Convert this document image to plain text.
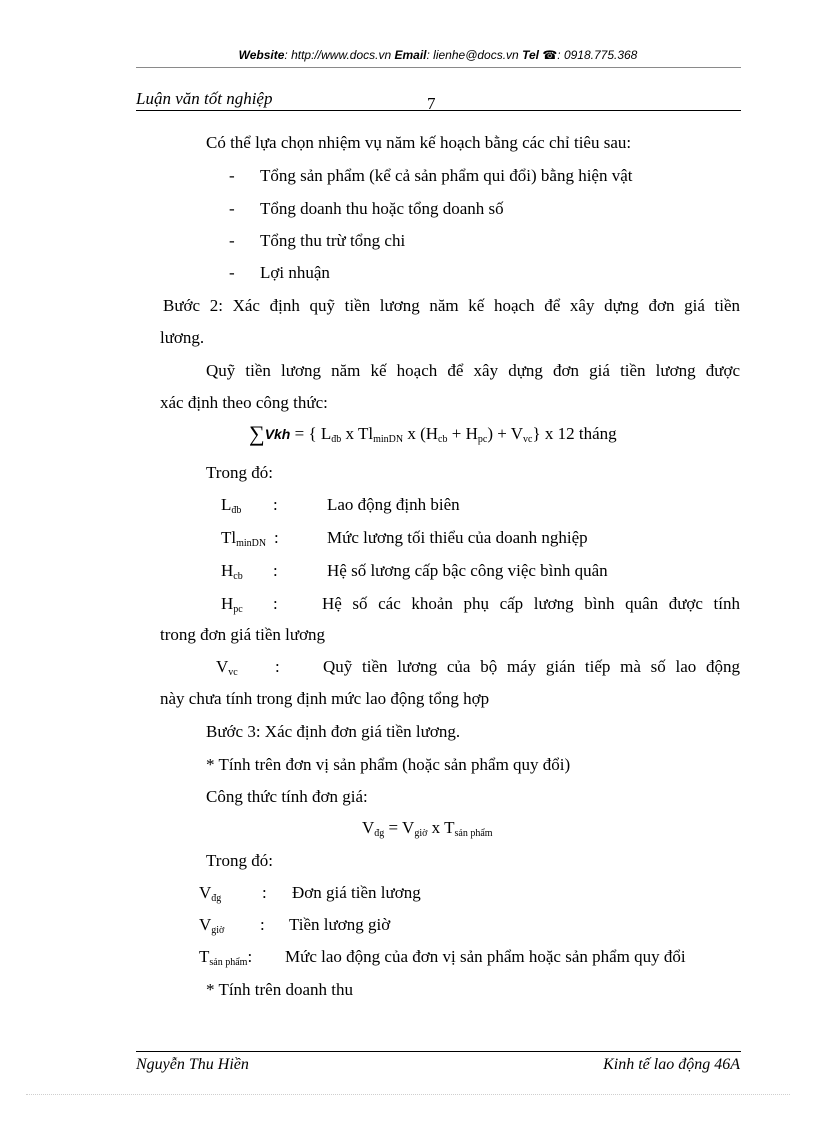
Website: http://www.docs.vn Email: lienhe@docs.vn Tel ☎: 0918.775.368
Luận văn tốt nghiệp	7
Có thể lựa chọn nhiệm vụ năm kế hoạch bằng các chỉ tiêu sau:
- Tổng sản phẩm (kể cả sản phẩm qui đổi) bằng hiện vật
- Tổng doanh thu hoặc tổng doanh số
- Tổng thu trừ tổng chi
- Lợi nhuận
Bước 2: Xác định quỹ tiền lương năm kế hoạch để xây dựng đơn giá tiền
lương.
Quỹ tiền lương năm kế hoạch để xây dựng đơn giá tiền lương được
xác định theo công thức:
∑Vkh = { $L_{đb}$ x $Tl_{minDN}$ x $(H_{cb} + H_{pc}) + V_{vc}$} x 12 tháng
Trong đó:
$L_{đb}$ :	Lao động định biên
$Tl_{minDN}$ :	Mức lương tối thiểu của doanh nghiệp
$H_{cb}$ :	Hệ số lương cấp bậc công việc bình quân
$H_{pc}$ :	Hệ số các khoản phụ cấp lương bình quân được tính
trong đơn giá tiền lương
$V_{vc}$ :	Quỹ tiền lương của bộ máy gián tiếp mà số lao động
này chưa tính trong định mức lao động tổng hợp
Bước 3: Xác định đơn giá tiền lương.
* Tính trên đơn vị sản phẩm (hoặc sản phẩm quy đổi)
Công thức tính đơn giá:
$V_{đg} = V_{giờ}$ x $T_{sản phẩm}$
Trong đó:
$V_{đg}$ : Đơn giá tiền lương
$V_{giờ}$ : Tiền lương giờ
$T_{sản phẩm}$: Mức lao động của đơn vị sản phẩm hoặc sản phẩm quy đổi
* Tính trên doanh thu
Nguyễn Thu Hiền	Kinh tế lao động 46A
